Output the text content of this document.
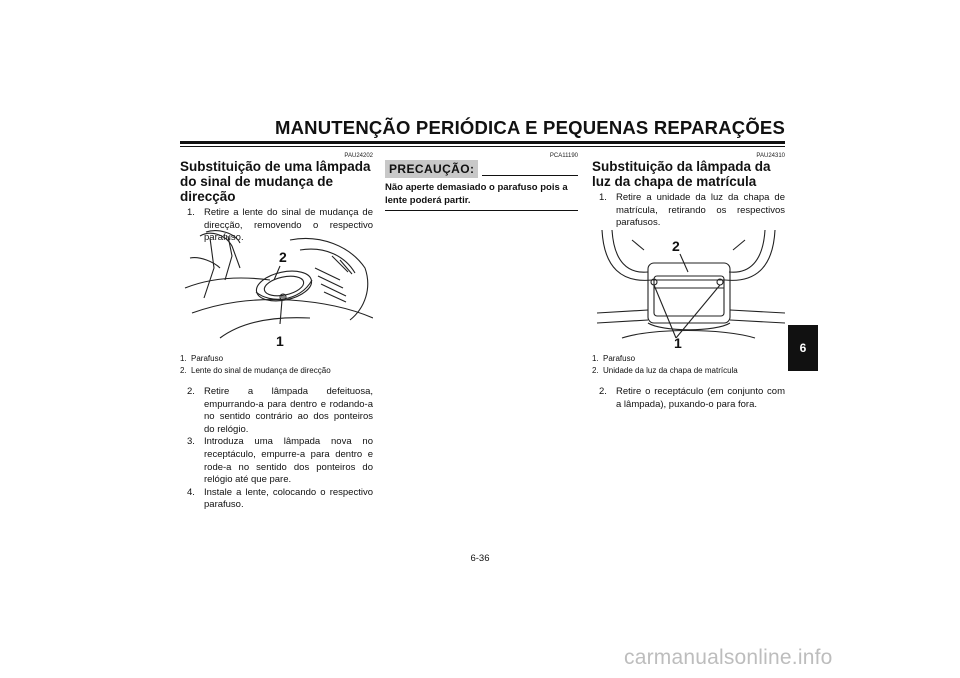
MANUTENÇÃO PERIÓDICA E PEQUENAS REPARAÇÕES
PAU24202
Substituição de uma lâmpada do sinal de mudança de direcção
1. Retire a lente do sinal de mudança de direcção, removendo o respectivo parafuso.
2
1
1. Parafuso
2. Lente do sinal de mudança de direcção
2. Retire a lâmpada defeituosa, empurrando-a para dentro e rodando-a no sentido contrário ao dos ponteiros do relógio.
3. Introduza uma lâmpada nova no receptáculo, empurre-a para dentro e rode-a no sentido dos ponteiros do relógio até que pare.
4. Instale a lente, colocando o respectivo parafuso.
PCA11190
PRECAUÇÃO:
Não aperte demasiado o parafuso pois a lente poderá partir.
PAU24310
Substituição da lâmpada da luz da chapa de matrícula
1. Retire a unidade da luz da chapa de matrícula, retirando os respectivos parafusos.
2
1
1. Parafuso
2. Unidade da luz da chapa de matrícula
2. Retire o receptáculo (em conjunto com a lâmpada), puxando-o para fora.
6
6-36
carmanualsonline.info
